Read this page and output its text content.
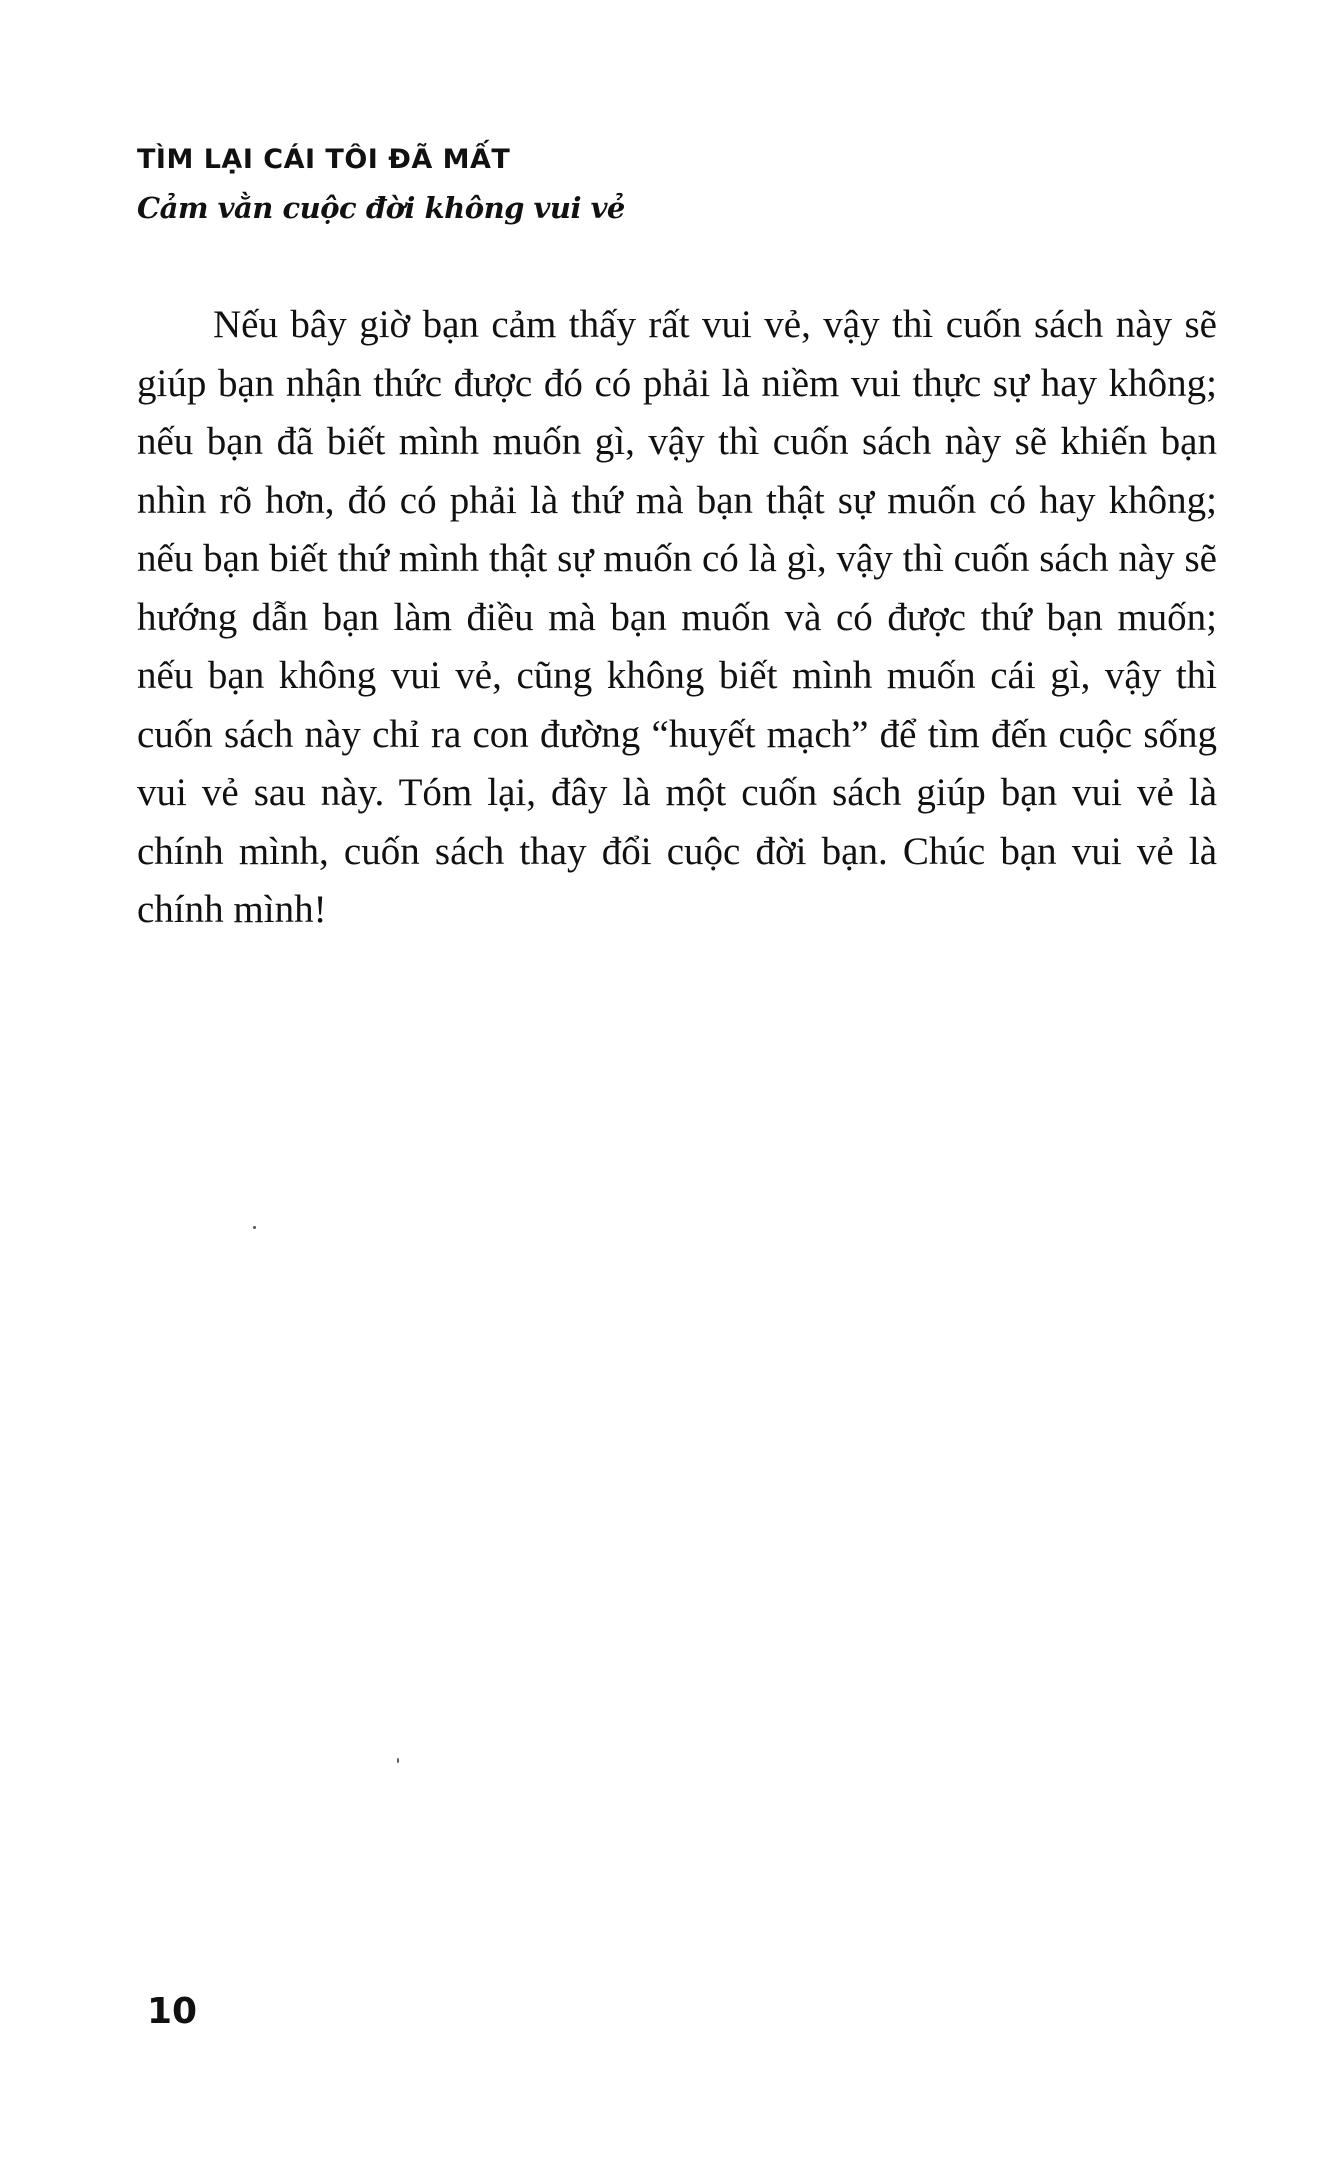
TÌM LẠI CÁI TÔI ĐÃ MẤT

Cảm vằn cuộc đời không vui vẻ

Nếu bây giờ bạn cảm thấy rất vui vẻ, vậy thì cuốn sách này sẽ giúp bạn nhận thức được đó có phải là niềm vui thực sự hay không; nếu bạn đã biết mình muốn gì, vậy thì cuốn sách này sẽ khiến bạn nhìn rõ hơn, đó có phải là thứ mà bạn thật sự muốn có hay không; nếu bạn biết thứ mình thật sự muốn có là gì, vậy thì cuốn sách này sẽ hướng dẫn bạn làm điều mà bạn muốn và có được thứ bạn muốn; nếu bạn không vui vẻ, cũng không biết mình muốn cái gì, vậy thì cuốn sách này chỉ ra con đường “huyết mạch” để tìm đến cuộc sống vui vẻ sau này. Tóm lại, đây là một cuốn sách giúp bạn vui vẻ là chính mình, cuốn sách thay đổi cuộc đời bạn. Chúc bạn vui vẻ là chính mình!

10
